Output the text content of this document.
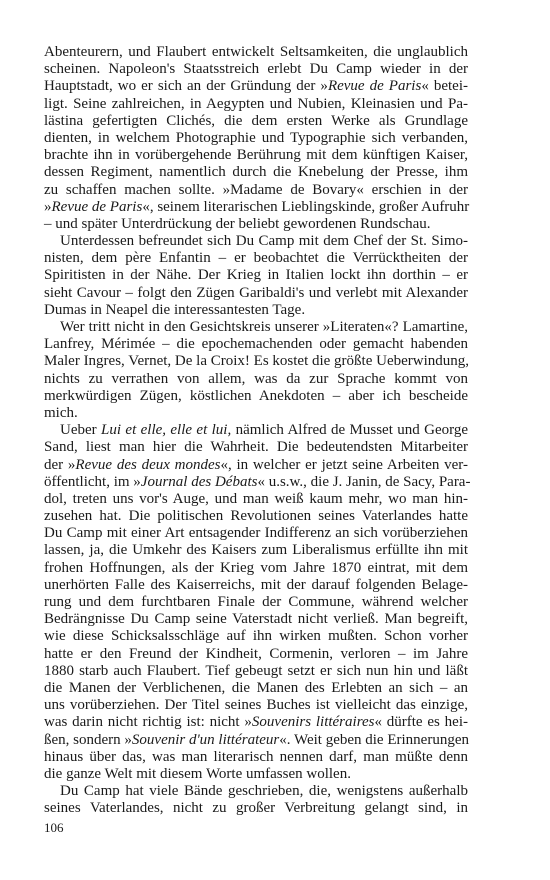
Abenteurern, und Flaubert entwickelt Seltsamkeiten, die unglaublich
scheinen. Napoleon's Staatsstreich erlebt Du Camp wieder in der
Hauptstadt, wo er sich an der Gründung der »Revue de Paris« betei-
ligt. Seine zahlreichen, in Aegypten und Nubien, Kleinasien und Pa-
lästina gefertigten Clichés, die dem ersten Werke als Grundlage
dienten, in welchem Photographie und Typographie sich verbanden,
brachte ihn in vorübergehende Berührung mit dem künftigen Kaiser,
dessen Regiment, namentlich durch die Knebelung der Presse, ihm
zu schaffen machen sollte. »Madame de Bovary« erschien in der
»Revue de Paris«, seinem literarischen Lieblingskinde, großer Aufruhr
– und später Unterdrückung der beliebt gewordenen Rundschau.
Unterdessen befreundet sich Du Camp mit dem Chef der St. Simo-
nisten, dem père Enfantin – er beobachtet die Verrücktheiten der
Spiritisten in der Nähe. Der Krieg in Italien lockt ihn dorthin – er
sieht Cavour – folgt den Zügen Garibaldi's und verlebt mit Alexander
Dumas in Neapel die interessantesten Tage.
Wer tritt nicht in den Gesichtskreis unserer »Literaten«? Lamartine,
Lanfrey, Mérimée – die epochemachenden oder gemacht habenden
Maler Ingres, Vernet, De la Croix! Es kostet die größte Ueberwindung,
nichts zu verrathen von allem, was da zur Sprache kommt von
merkwürdigen Zügen, köstlichen Anekdoten – aber ich bescheide
mich.
Ueber Lui et elle, elle et lui, nämlich Alfred de Musset und George
Sand, liest man hier die Wahrheit. Die bedeutendsten Mitarbeiter
der »Revue des deux mondes«, in welcher er jetzt seine Arbeiten ver-
öffentlicht, im »Journal des Débats« u.s.w., die J. Janin, de Sacy, Para-
dol, treten uns vor's Auge, und man weiß kaum mehr, wo man hin-
zusehen hat. Die politischen Revolutionen seines Vaterlandes hatte
Du Camp mit einer Art entsagender Indifferenz an sich vorüberziehen
lassen, ja, die Umkehr des Kaisers zum Liberalismus erfüllte ihn mit
frohen Hoffnungen, als der Krieg vom Jahre 1870 eintrat, mit dem
unerhörten Falle des Kaiserreichs, mit der darauf folgenden Belage-
rung und dem furchtbaren Finale der Commune, während welcher
Bedrängnisse Du Camp seine Vaterstadt nicht verließ. Man begreift,
wie diese Schicksalsschläge auf ihn wirken mußten. Schon vorher
hatte er den Freund der Kindheit, Cormenin, verloren – im Jahre
1880 starb auch Flaubert. Tief gebeugt setzt er sich nun hin und läßt
die Manen der Verblichenen, die Manen des Erlebten an sich – an
uns vorüberziehen. Der Titel seines Buches ist vielleicht das einzige,
was darin nicht richtig ist: nicht »Souvenirs littéraires« dürfte es hei-
ßen, sondern »Souvenir d'un littérateur«. Weit geben die Erinnerungen
hinaus über das, was man literarisch nennen darf, man müßte denn
die ganze Welt mit diesem Worte umfassen wollen.
Du Camp hat viele Bände geschrieben, die, wenigstens außerhalb
seines Vaterlandes, nicht zu großer Verbreitung gelangt sind, in
106
